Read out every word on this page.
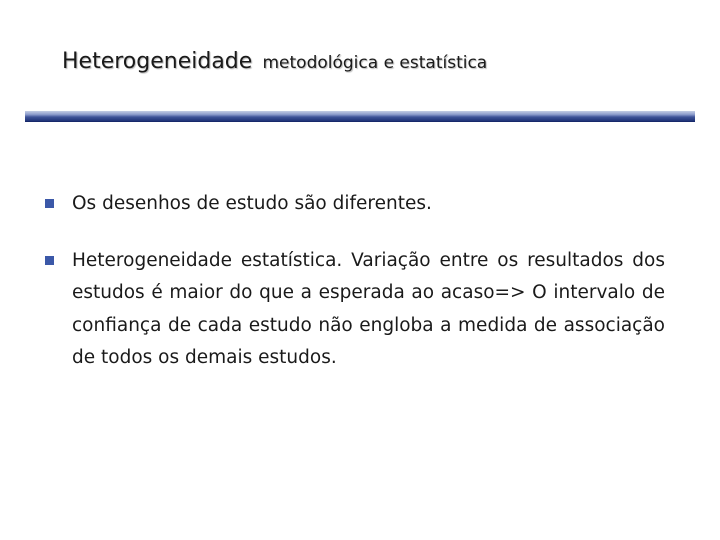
Heterogeneidade metodológica e estatística
Os desenhos de estudo são diferentes.
Heterogeneidade estatística. Variação entre os resultados dos estudos é maior do que a esperada ao acaso=> O intervalo de confiança de cada estudo não engloba a medida de associação de todos os demais estudos.
